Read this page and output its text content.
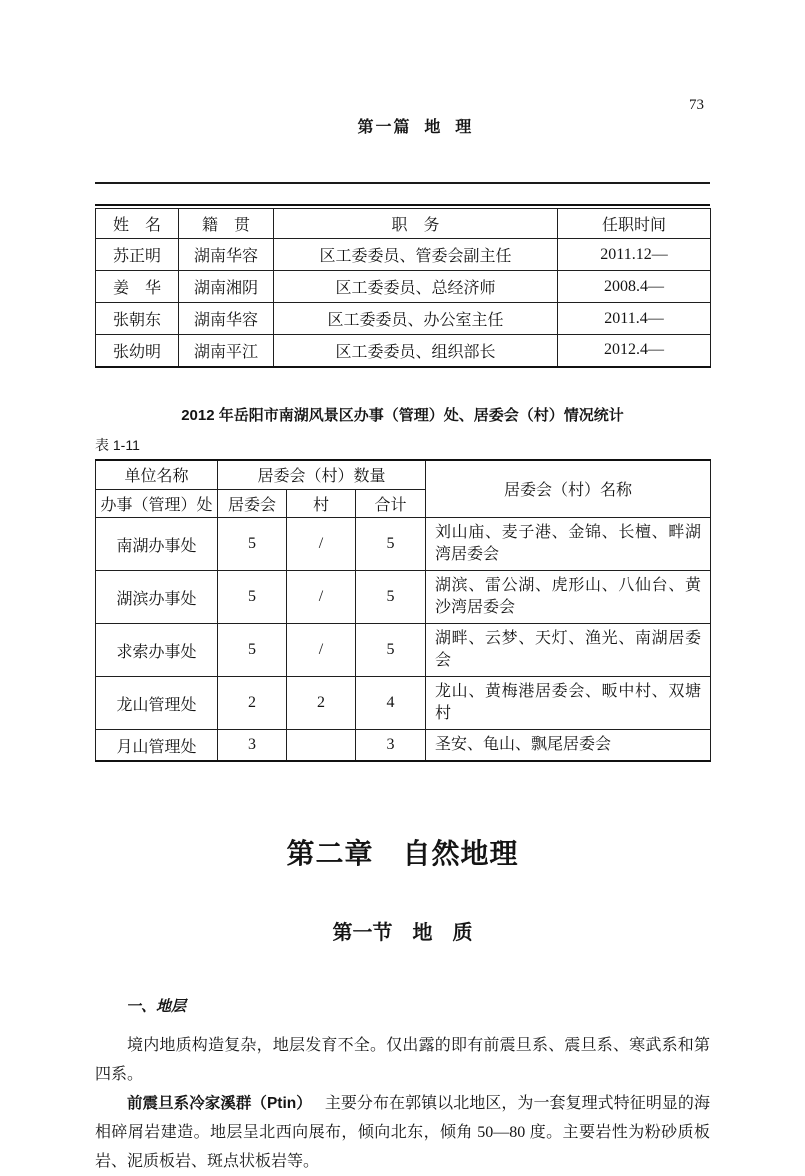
第一篇  地  理

73

姓　名	籍　贯	职　务	任职时间
苏正明	湖南华容	区工委委员、管委会副主任	2011.12—
姜　华	湖南湘阴	区工委委员、总经济师	2008.4—
张朝东	湖南华容	区工委委员、办公室主任	2011.4—
张幼明	湖南平江	区工委委员、组织部长	2012.4—
2012 年岳阳市南湖风景区办事（管理）处、居委会（村）情况统计
表 1-11
单位名称	居委会（村）数量			居委会（村）名称
办事（管理）处	居委会	村	合计	
南湖办事处	5	/	5	刘山庙、麦子港、金锦、长檀、畔湖湾居委会
湖滨办事处	5	/	5	湖滨、雷公湖、虎形山、八仙台、黄沙湾居委会
求索办事处	5	/	5	湖畔、云梦、天灯、渔光、南湖居委会
龙山管理处	2	2	4	龙山、黄梅港居委会、畈中村、双塘村
月山管理处	3		3	圣安、龟山、飘尾居委会
第二章　自然地理
第一节　地　质
一、地层

境内地质构造复杂，地层发育不全。仅出露的即有前震旦系、震旦系、寒武系和第四系。

前震旦系冷家溪群（Ptin） 主要分布在郭镇以北地区，为一套复理式特征明显的海相碎屑岩建造。地层呈北西向展布，倾向北东，倾角 50—80 度。主要岩性为粉砂质板岩、泥质板岩、斑点状板岩等。
